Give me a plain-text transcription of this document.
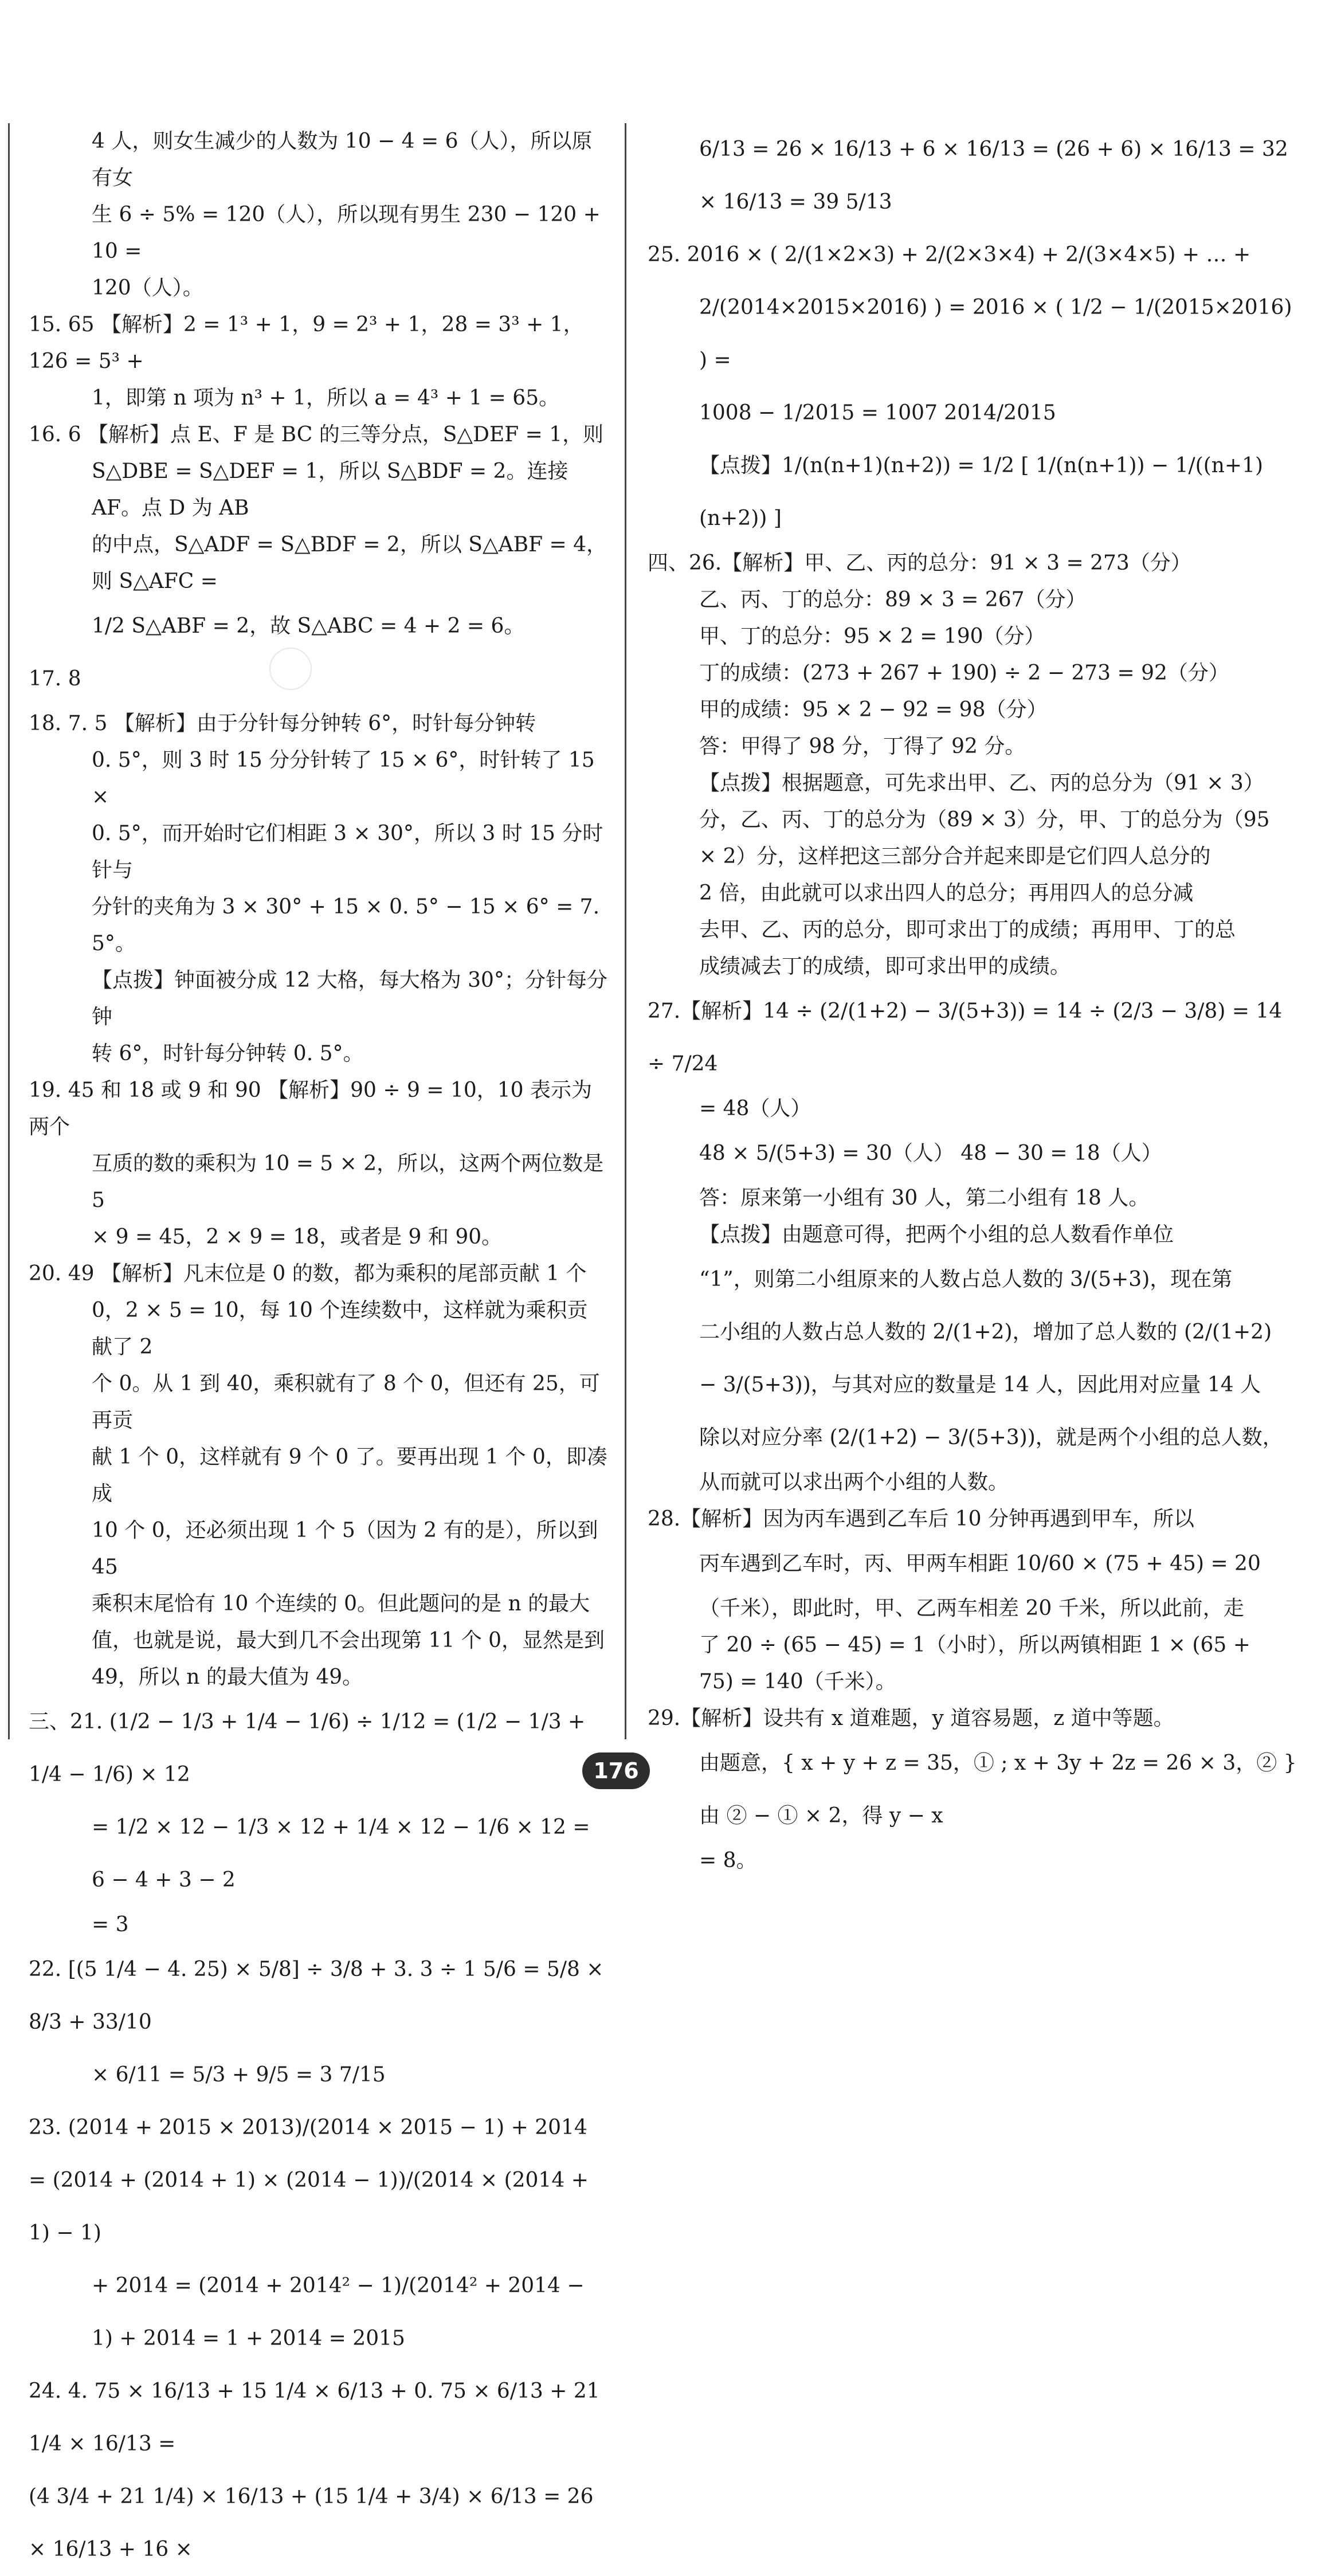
4 人，则女生减少的人数为 10 − 4 = 6（人），所以原有女
生 6 ÷ 5% = 120（人），所以现有男生 230 − 120 + 10 =
120（人）。
15. 65 【解析】2 = 1³ + 1，9 = 2³ + 1，28 = 3³ + 1，126 = 5³ +
1，即第 n 项为 n³ + 1，所以 a = 4³ + 1 = 65。
16. 6 【解析】点 E、F 是 BC 的三等分点，S△DEF = 1，则
S△DBE = S△DEF = 1，所以 S△BDF = 2。连接 AF。点 D 为 AB
的中点，S△ADF = S△BDF = 2，所以 S△ABF = 4，则 S△AFC =
1/2 S△ABF = 2，故 S△ABC = 4 + 2 = 6。
17. 8
18. 7. 5 【解析】由于分针每分钟转 6°，时针每分钟转
0. 5°，则 3 时 15 分分针转了 15 × 6°，时针转了 15 ×
0. 5°，而开始时它们相距 3 × 30°，所以 3 时 15 分时针与
分针的夹角为 3 × 30° + 15 × 0. 5° − 15 × 6° = 7. 5°。
【点拨】钟面被分成 12 大格，每大格为 30°；分针每分钟
转 6°，时针每分钟转 0. 5°。
19. 45 和 18 或 9 和 90 【解析】90 ÷ 9 = 10，10 表示为两个
互质的数的乘积为 10 = 5 × 2，所以，这两个两位数是 5
× 9 = 45，2 × 9 = 18，或者是 9 和 90。
20. 49 【解析】凡末位是 0 的数，都为乘积的尾部贡献 1 个
0，2 × 5 = 10，每 10 个连续数中，这样就为乘积贡献了 2
个 0。从 1 到 40，乘积就有了 8 个 0，但还有 25，可再贡
献 1 个 0，这样就有 9 个 0 了。要再出现 1 个 0，即凑成
10 个 0，还必须出现 1 个 5（因为 2 有的是），所以到 45
乘积末尾恰有 10 个连续的 0。但此题问的是 n 的最大
值，也就是说，最大到几不会出现第 11 个 0，显然是到
49，所以 n 的最大值为 49。
三、21. (1/2 − 1/3 + 1/4 − 1/6) ÷ 1/12 = (1/2 − 1/3 + 1/4 − 1/6) × 12
= 1/2 × 12 − 1/3 × 12 + 1/4 × 12 − 1/6 × 12 = 6 − 4 + 3 − 2
= 3
22. [(5 1/4 − 4. 25) × 5/8] ÷ 3/8 + 3. 3 ÷ 1 5/6 = 5/8 × 8/3 + 33/10
× 6/11 = 5/3 + 9/5 = 3 7/15
23. (2014 + 2015 × 2013)/(2014 × 2015 − 1) + 2014 = (2014 + (2014 + 1) × (2014 − 1))/(2014 × (2014 + 1) − 1)
+ 2014 = (2014 + 2014² − 1)/(2014² + 2014 − 1) + 2014 = 1 + 2014 = 2015
24. 4. 75 × 16/13 + 15 1/4 × 6/13 + 0. 75 × 6/13 + 21 1/4 × 16/13 =
(4 3/4 + 21 1/4) × 16/13 + (15 1/4 + 3/4) × 6/13 = 26 × 16/13 + 16 ×
6/13 = 26 × 16/13 + 6 × 16/13 = (26 + 6) × 16/13 = 32 × 16/13 = 39 5/13
25. 2016 × ( 2/(1×2×3) + 2/(2×3×4) + 2/(3×4×5) + … +
2/(2014×2015×2016) ) = 2016 × ( 1/2 − 1/(2015×2016) ) =
1008 − 1/2015 = 1007 2014/2015
【点拨】1/(n(n+1)(n+2)) = 1/2 [ 1/(n(n+1)) − 1/((n+1)(n+2)) ]
四、26.【解析】甲、乙、丙的总分：91 × 3 = 273（分）
乙、丙、丁的总分：89 × 3 = 267（分）
甲、丁的总分：95 × 2 = 190（分）
丁的成绩：(273 + 267 + 190) ÷ 2 − 273 = 92（分）
甲的成绩：95 × 2 − 92 = 98（分）
答：甲得了 98 分，丁得了 92 分。
【点拨】根据题意，可先求出甲、乙、丙的总分为（91 × 3）
分，乙、丙、丁的总分为（89 × 3）分，甲、丁的总分为（95
× 2）分，这样把这三部分合并起来即是它们四人总分的
2 倍，由此就可以求出四人的总分；再用四人的总分减
去甲、乙、丙的总分，即可求出丁的成绩；再用甲、丁的总
成绩减去丁的成绩，即可求出甲的成绩。
27.【解析】14 ÷ (2/(1+2) − 3/(5+3)) = 14 ÷ (2/3 − 3/8) = 14 ÷ 7/24
= 48（人）
48 × 5/(5+3) = 30（人） 48 − 30 = 18（人）
答：原来第一小组有 30 人，第二小组有 18 人。
【点拨】由题意可得，把两个小组的总人数看作单位
“1”，则第二小组原来的人数占总人数的 3/(5+3)，现在第
二小组的人数占总人数的 2/(1+2)，增加了总人数的 (2/(1+2)
− 3/(5+3))，与其对应的数量是 14 人，因此用对应量 14 人
除以对应分率 (2/(1+2) − 3/(5+3))，就是两个小组的总人数，
从而就可以求出两个小组的人数。
28.【解析】因为丙车遇到乙车后 10 分钟再遇到甲车，所以
丙车遇到乙车时，丙、甲两车相距 10/60 × (75 + 45) = 20
（千米），即此时，甲、乙两车相差 20 千米，所以此前，走
了 20 ÷ (65 − 45) = 1（小时），所以两镇相距 1 × (65 +
75) = 140（千米）。
29.【解析】设共有 x 道难题，y 道容易题，z 道中等题。
由题意，{ x + y + z = 35，① ; x + 3y + 2z = 26 × 3，② } 由 ② − ① × 2，得 y − x
= 8。
176
